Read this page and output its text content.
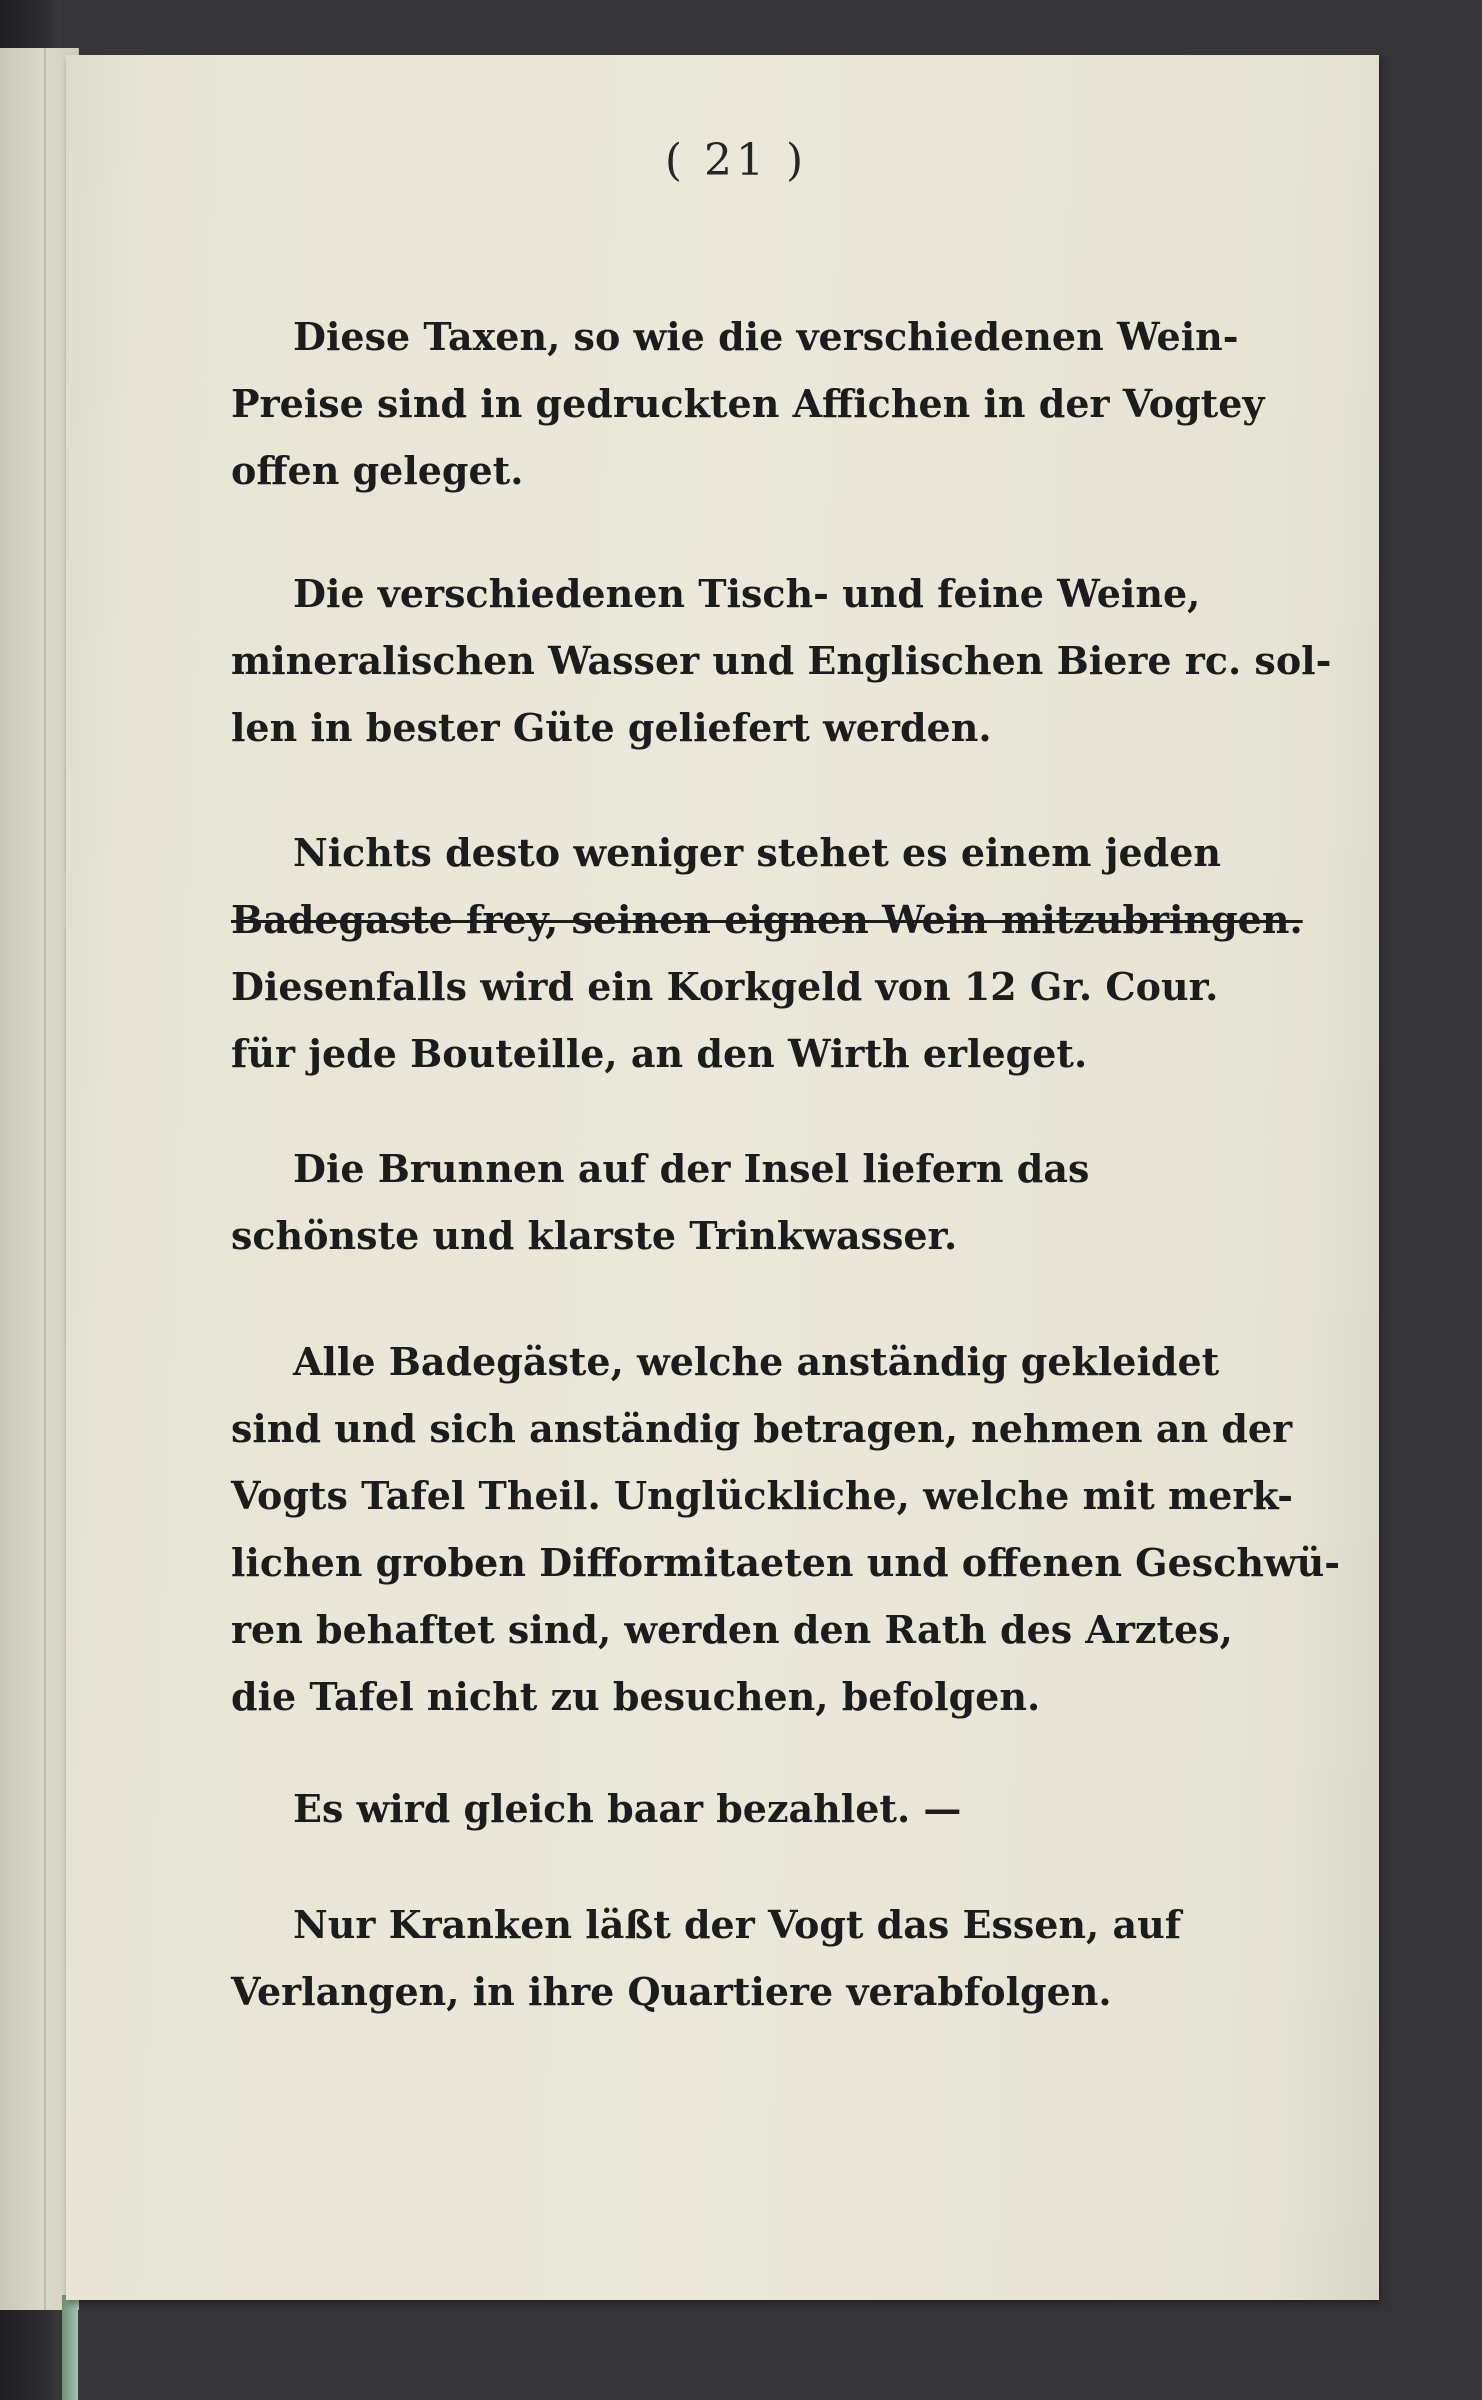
( 21 )
Diese Taxen, so wie die verschiedenen Wein-
Preise sind in gedruckten Affichen in der Vogtey
offen geleget.
Die verschiedenen Tisch- und feine Weine,
mineralischen Wasser und Englischen Biere rc. sol-
len in bester Güte geliefert werden.
Nichts desto weniger stehet es einem jeden
Badegaste frey, seinen eignen Wein mitzubringen.
Diesenfalls wird ein Korkgeld von 12 Gr. Cour.
für jede Bouteille, an den Wirth erleget.
Die Brunnen auf der Insel liefern das
schönste und klarste Trinkwasser.
Alle Badegäste, welche anständig gekleidet
sind und sich anständig betragen, nehmen an der
Vogts Tafel Theil. Unglückliche, welche mit merk-
lichen groben Difformitaeten und offenen Geschwü-
ren behaftet sind, werden den Rath des Arztes,
die Tafel nicht zu besuchen, befolgen.
Es wird gleich baar bezahlet. —
Nur Kranken läßt der Vogt das Essen, auf
Verlangen, in ihre Quartiere verabfolgen.
